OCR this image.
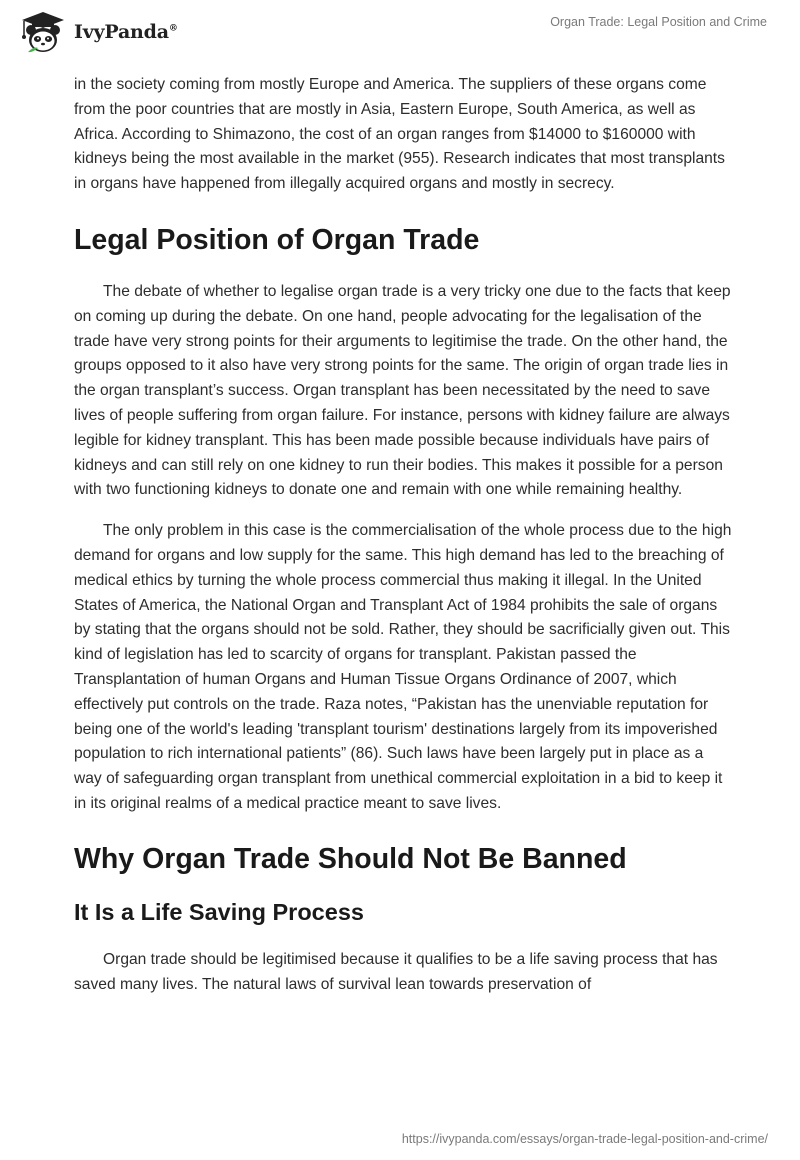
IvyPanda®	Organ Trade: Legal Position and Crime

in the society coming from mostly Europe and America. The suppliers of these organs come from the poor countries that are mostly in Asia, Eastern Europe, South America, as well as Africa. According to Shimazono, the cost of an organ ranges from $14000 to $160000 with kidneys being the most available in the market (955). Research indicates that most transplants in organs have happened from illegally acquired organs and mostly in secrecy.

Legal Position of Organ Trade

The debate of whether to legalise organ trade is a very tricky one due to the facts that keep on coming up during the debate. On one hand, people advocating for the legalisation of the trade have very strong points for their arguments to legitimise the trade. On the other hand, the groups opposed to it also have very strong points for the same. The origin of organ trade lies in the organ transplant’s success. Organ transplant has been necessitated by the need to save lives of people suffering from organ failure. For instance, persons with kidney failure are always legible for kidney transplant. This has been made possible because individuals have pairs of kidneys and can still rely on one kidney to run their bodies. This makes it possible for a person with two functioning kidneys to donate one and remain with one while remaining healthy.

The only problem in this case is the commercialisation of the whole process due to the high demand for organs and low supply for the same. This high demand has led to the breaching of medical ethics by turning the whole process commercial thus making it illegal. In the United States of America, the National Organ and Transplant Act of 1984 prohibits the sale of organs by stating that the organs should not be sold. Rather, they should be sacrificially given out. This kind of legislation has led to scarcity of organs for transplant. Pakistan passed the Transplantation of human Organs and Human Tissue Organs Ordinance of 2007, which effectively put controls on the trade. Raza notes, “Pakistan has the unenviable reputation for being one of the world's leading 'transplant tourism' destinations largely from its impoverished population to rich international patients” (86). Such laws have been largely put in place as a way of safeguarding organ transplant from unethical commercial exploitation in a bid to keep it in its original realms of a medical practice meant to save lives.

Why Organ Trade Should Not Be Banned
It Is a Life Saving Process

Organ trade should be legitimised because it qualifies to be a life saving process that has saved many lives. The natural laws of survival lean towards preservation of

https://ivypanda.com/essays/organ-trade-legal-position-and-crime/
